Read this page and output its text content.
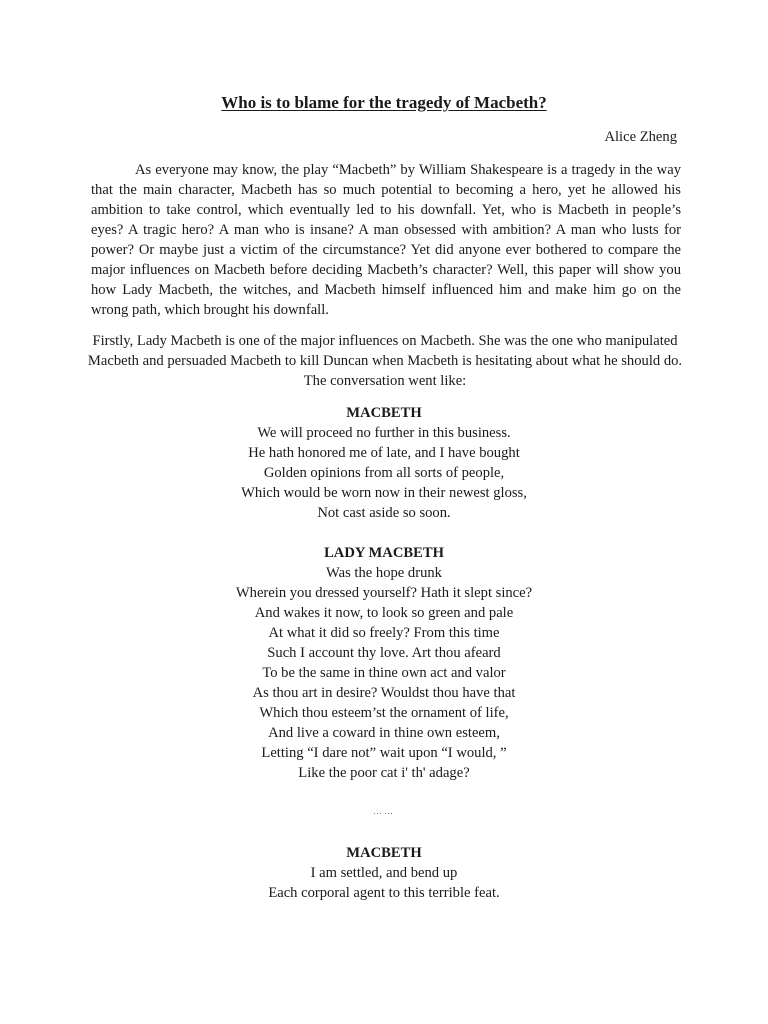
Who is to blame for the tragedy of Macbeth?

Alice Zheng

As everyone may know, the play “Macbeth” by William Shakespeare is a tragedy in the way that the main character, Macbeth has so much potential to becoming a hero, yet he allowed his ambition to take control, which eventually led to his downfall. Yet, who is Macbeth in people’s eyes? A tragic hero? A man who is insane? A man obsessed with ambition? A man who lusts for power? Or maybe just a victim of the circumstance? Yet did anyone ever bothered to compare the major influences on Macbeth before deciding Macbeth’s character? Well, this paper will show you how Lady Macbeth, the witches, and Macbeth himself influenced him and make him go on the wrong path, which brought his downfall.

Firstly, Lady Macbeth is one of the major influences on Macbeth. She was the one who manipulated Macbeth and persuaded Macbeth to kill Duncan when Macbeth is hesitating about what he should do. The conversation went like:

MACBETH
We will proceed no further in this business.
He hath honored me of late, and I have bought
Golden opinions from all sorts of people,
Which would be worn now in their newest gloss,
Not cast aside so soon.
LADY MACBETH
Was the hope drunk
Wherein you dressed yourself? Hath it slept since?
And wakes it now, to look so green and pale
At what it did so freely? From this time
Such I account thy love. Art thou afeard
To be the same in thine own act and valor
As thou art in desire? Wouldst thou have that
Which thou esteem’st the ornament of life,
And live a coward in thine own esteem,
Letting “I dare not” wait upon “I would, ”
Like the poor cat i' th' adage?

……

MACBETH
I am settled, and bend up
Each corporal agent to this terrible feat.
